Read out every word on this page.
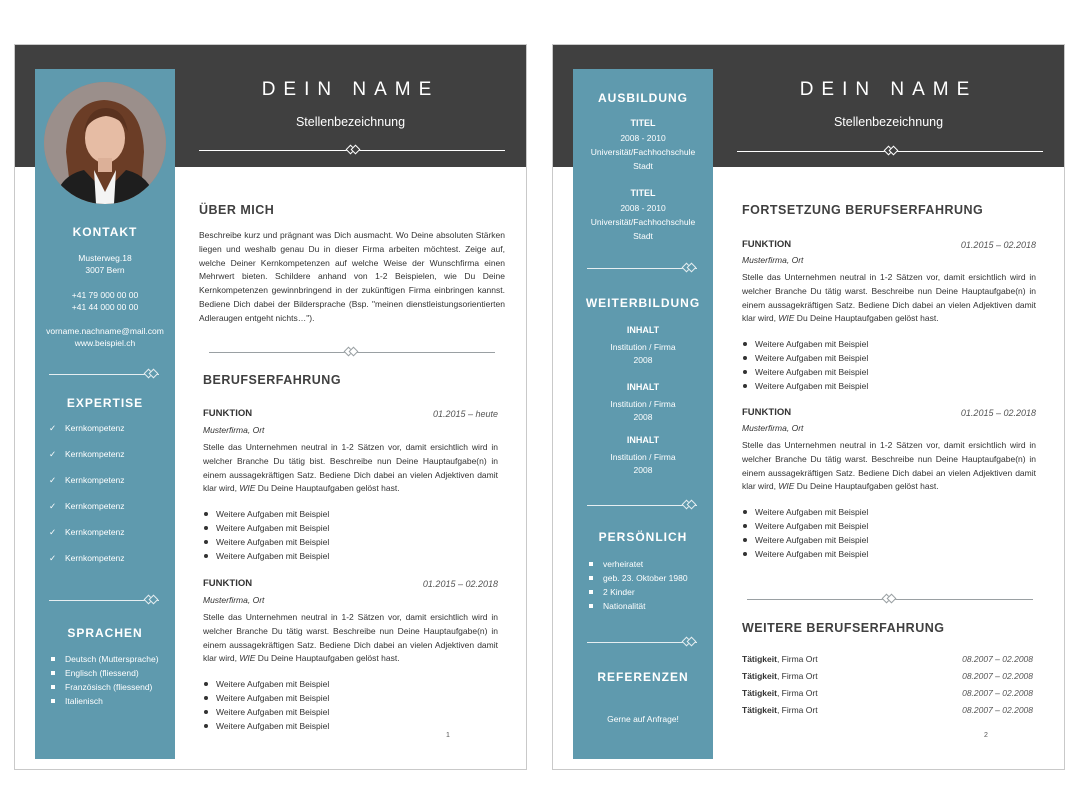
DEIN NAME
Stellenbezeichnung
KONTAKT
Musterweg.18
3007 Bern
+41 79 000 00 00
+41 44 000 00 00
vorname.nachname@mail.com
www.beispiel.ch
EXPERTISE
✓	Kernkompetenz
✓	Kernkompetenz
✓	Kernkompetenz
✓	Kernkompetenz
✓	Kernkompetenz
✓	Kernkompetenz
SPRACHEN
Deutsch (Muttersprache)
Englisch (fliessend)
Französisch (fliessend)
Italienisch
ÜBER MICH
Beschreibe kurz und prägnant was Dich ausmacht. Wo Deine absoluten Stärken liegen und weshalb genau Du in dieser Firma arbeiten möchtest. Zeige auf, welche Deiner Kernkompetenzen auf welche Weise der Wunschfirma einen Mehrwert bieten. Schildere anhand von 1-2 Beispielen, wie Du Deine Kernkompetenzen gewinnbringend in der zukünftigen Firma einbringen kannst. Bediene Dich dabei der Bildersprache (Bsp. "meinen dienstleistungsorientierten Adleraugen entgeht nichts…").
BERUFSERFAHRUNG
FUNKTION	01.2015 – heute
Musterfirma, Ort
Stelle das Unternehmen neutral in 1-2 Sätzen vor, damit ersichtlich wird in welcher Branche Du tätig bist. Beschreibe nun Deine Hauptaufgabe(n) in einem aussagekräftigen Satz. Bediene Dich dabei an vielen Adjektiven damit klar wird, WIE Du Deine Hauptaufgaben gelöst hast.
Weitere Aufgaben mit Beispiel
Weitere Aufgaben mit Beispiel
Weitere Aufgaben mit Beispiel
Weitere Aufgaben mit Beispiel
FUNKTION	01.2015 – 02.2018
Musterfirma, Ort
Stelle das Unternehmen neutral in 1-2 Sätzen vor, damit ersichtlich wird in welcher Branche Du tätig warst. Beschreibe nun Deine Hauptaufgabe(n) in einem aussagekräftigen Satz. Bediene Dich dabei an vielen Adjektiven damit klar wird, WIE Du Deine Hauptaufgaben gelöst hast.
Weitere Aufgaben mit Beispiel
Weitere Aufgaben mit Beispiel
Weitere Aufgaben mit Beispiel
Weitere Aufgaben mit Beispiel
1
DEIN NAME
Stellenbezeichnung
AUSBILDUNG
TITEL
2008 - 2010
Universität/Fachhochschule
Stadt
TITEL
2008 - 2010
Universität/Fachhochschule
Stadt
WEITERBILDUNG
INHALT
Institution / Firma
2008
INHALT
Institution / Firma
2008
INHALT
Institution / Firma
2008
PERSÖNLICH
verheiratet
geb. 23. Oktober 1980
2 Kinder
Nationalität
REFERENZEN
Gerne auf Anfrage!
FORTSETZUNG BERUFSERFAHRUNG
FUNKTION	01.2015 – 02.2018
Musterfirma, Ort
Stelle das Unternehmen neutral in 1-2 Sätzen vor, damit ersichtlich wird in welcher Branche Du tätig warst. Beschreibe nun Deine Hauptaufgabe(n) in einem aussagekräftigen Satz. Bediene Dich dabei an vielen Adjektiven damit klar wird, WIE Du Deine Hauptaufgaben gelöst hast.
Weitere Aufgaben mit Beispiel
Weitere Aufgaben mit Beispiel
Weitere Aufgaben mit Beispiel
Weitere Aufgaben mit Beispiel
FUNKTION	01.2015 – 02.2018
Musterfirma, Ort
Stelle das Unternehmen neutral in 1-2 Sätzen vor, damit ersichtlich wird in welcher Branche Du tätig warst. Beschreibe nun Deine Hauptaufgabe(n) in einem aussagekräftigen Satz. Bediene Dich dabei an vielen Adjektiven damit klar wird, WIE Du Deine Hauptaufgaben gelöst hast.
Weitere Aufgaben mit Beispiel
Weitere Aufgaben mit Beispiel
Weitere Aufgaben mit Beispiel
Weitere Aufgaben mit Beispiel
WEITERE BERUFSERFAHRUNG
Tätigkeit, Firma Ort	08.2007 – 02.2008
Tätigkeit, Firma Ort	08.2007 – 02.2008
Tätigkeit, Firma Ort	08.2007 – 02.2008
Tätigkeit, Firma Ort	08.2007 – 02.2008
2
